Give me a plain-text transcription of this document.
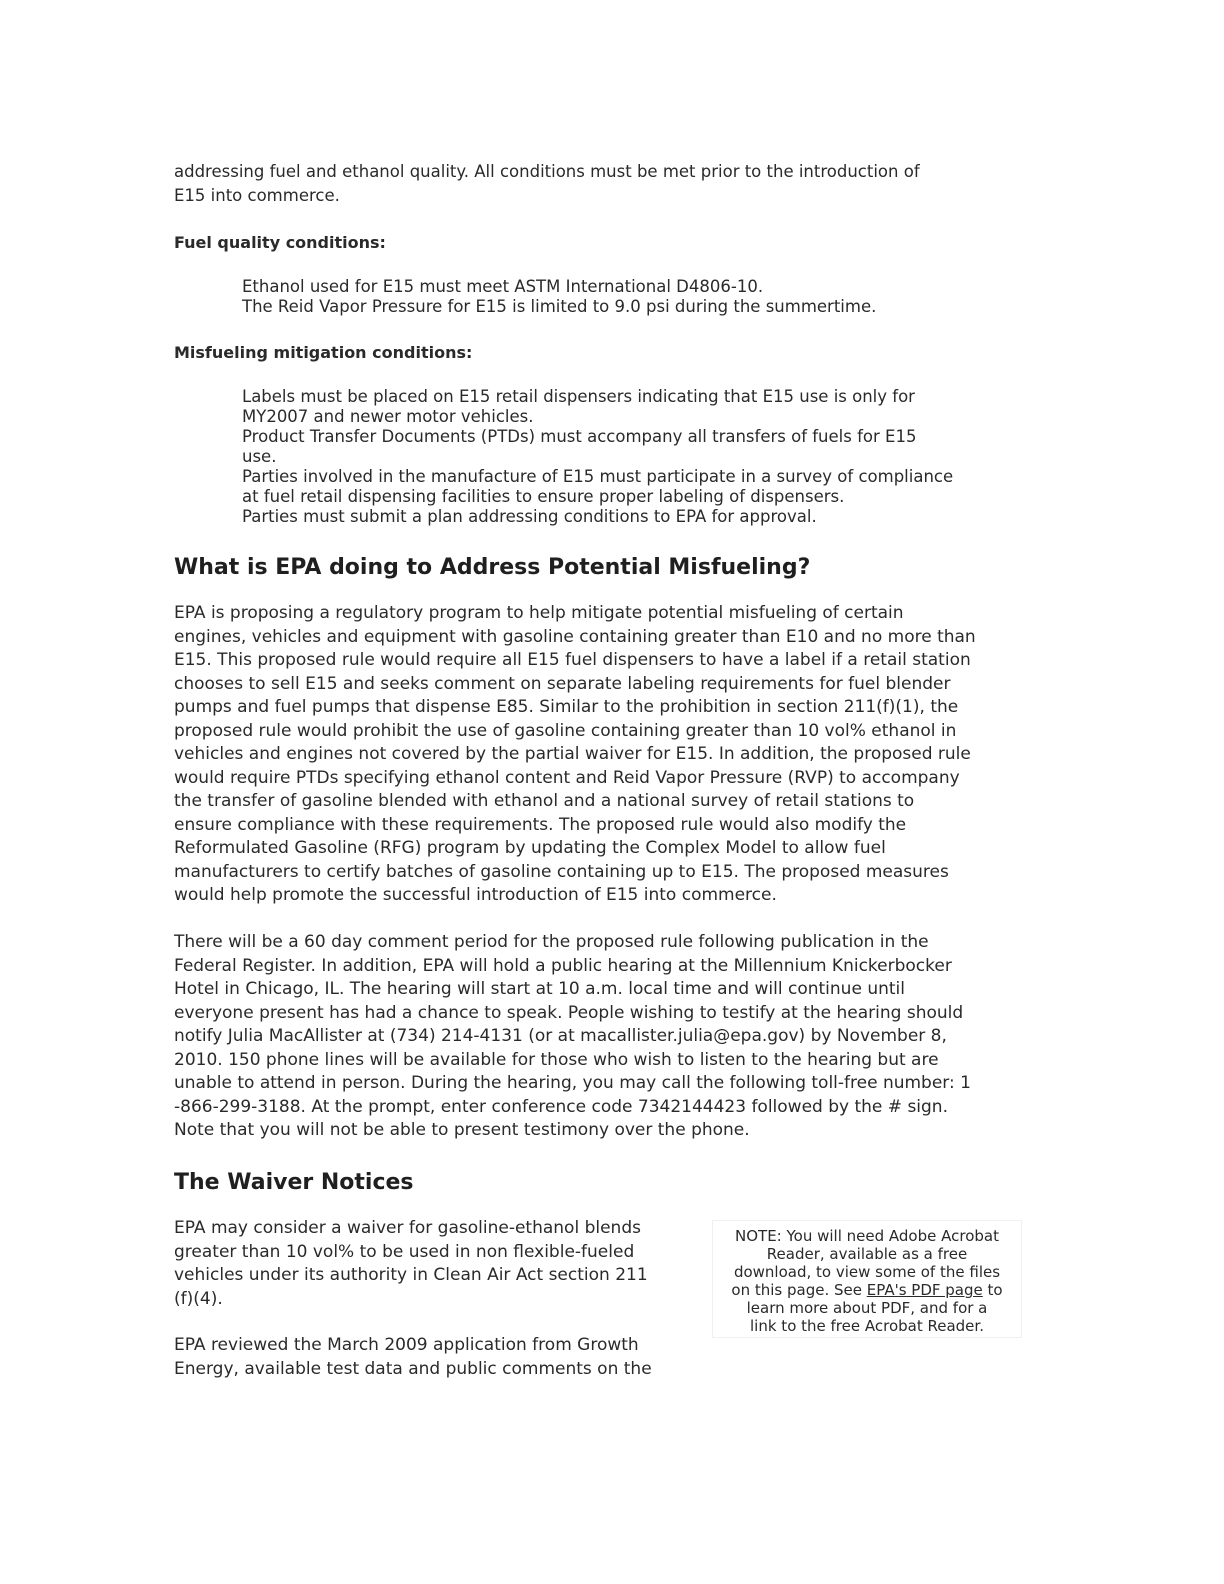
addressing fuel and ethanol quality. All conditions must be met prior to the introduction of
E15 into commerce.
Fuel quality conditions:
Ethanol used for E15 must meet ASTM International D4806-10.
The Reid Vapor Pressure for E15 is limited to 9.0 psi during the summertime.
Misfueling mitigation conditions:
Labels must be placed on E15 retail dispensers indicating that E15 use is only for
MY2007 and newer motor vehicles.
Product Transfer Documents (PTDs) must accompany all transfers of fuels for E15
use.
Parties involved in the manufacture of E15 must participate in a survey of compliance
at fuel retail dispensing facilities to ensure proper labeling of dispensers.
Parties must submit a plan addressing conditions to EPA for approval.
What is EPA doing to Address Potential Misfueling?
EPA is proposing a regulatory program to help mitigate potential misfueling of certain
engines, vehicles and equipment with gasoline containing greater than E10 and no more than
E15. This proposed rule would require all E15 fuel dispensers to have a label if a retail station
chooses to sell E15 and seeks comment on separate labeling requirements for fuel blender
pumps and fuel pumps that dispense E85. Similar to the prohibition in section 211(f)(1), the
proposed rule would prohibit the use of gasoline containing greater than 10 vol% ethanol in
vehicles and engines not covered by the partial waiver for E15. In addition, the proposed rule
would require PTDs specifying ethanol content and Reid Vapor Pressure (RVP) to accompany
the transfer of gasoline blended with ethanol and a national survey of retail stations to
ensure compliance with these requirements. The proposed rule would also modify the
Reformulated Gasoline (RFG) program by updating the Complex Model to allow fuel
manufacturers to certify batches of gasoline containing up to E15. The proposed measures
would help promote the successful introduction of E15 into commerce.
There will be a 60 day comment period for the proposed rule following publication in the
Federal Register. In addition, EPA will hold a public hearing at the Millennium Knickerbocker
Hotel in Chicago, IL. The hearing will start at 10 a.m. local time and will continue until
everyone present has had a chance to speak. People wishing to testify at the hearing should
notify Julia MacAllister at (734) 214-4131 (or at macallister.julia@epa.gov) by November 8,
2010. 150 phone lines will be available for those who wish to listen to the hearing but are
unable to attend in person. During the hearing, you may call the following toll-free number: 1
-866-299-3188. At the prompt, enter conference code 7342144423 followed by the # sign.
Note that you will not be able to present testimony over the phone.
The Waiver Notices
EPA may consider a waiver for gasoline-ethanol blends
greater than 10 vol% to be used in non flexible-fueled
vehicles under its authority in Clean Air Act section 211
(f)(4).
EPA reviewed the March 2009 application from Growth
Energy, available test data and public comments on the
NOTE: You will need Adobe Acrobat
Reader, available as a free
download, to view some of the files
on this page. See EPA's PDF page to
learn more about PDF, and for a
link to the free Acrobat Reader.
